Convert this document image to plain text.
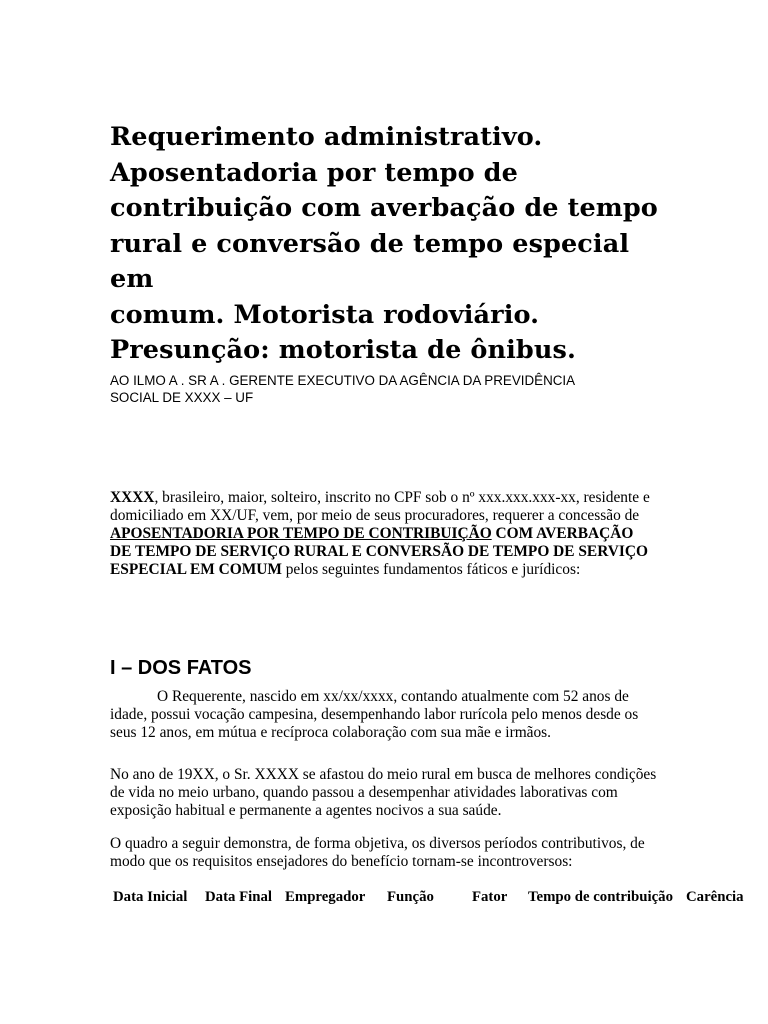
Requerimento administrativo.
Aposentadoria por tempo de
contribuição com averbação de tempo
rural e conversão de tempo especial em
comum. Motorista rodoviário.
Presunção: motorista de ônibus.
AO ILMO A . SR A . GERENTE EXECUTIVO DA AGÊNCIA DA PREVIDÊNCIA
SOCIAL DE XXXX – UF

XXXX, brasileiro, maior, solteiro, inscrito no CPF sob o nº xxx.xxx.xxx-xx, residente e domiciliado em XX/UF, vem, por meio de seus procuradores, requerer a concessão de APOSENTADORIA POR TEMPO DE CONTRIBUIÇÃO COM AVERBAÇÃO DE TEMPO DE SERVIÇO RURAL E CONVERSÃO DE TEMPO DE SERVIÇO ESPECIAL EM COMUM pelos seguintes fundamentos fáticos e jurídicos:

I – DOS FATOS

O Requerente, nascido em xx/xx/xxxx, contando atualmente com 52 anos de idade, possui vocação campesina, desempenhando labor rurícola pelo menos desde os seus 12 anos, em mútua e recíproca colaboração com sua mãe e irmãos.

No ano de 19XX, o Sr. XXXX se afastou do meio rural em busca de melhores condições de vida no meio urbano, quando passou a desempenhar atividades laborativas com exposição habitual e permanente a agentes nocivos a sua saúde.

O quadro a seguir demonstra, de forma objetiva, os diversos períodos contributivos, de modo que os requisitos ensejadores do benefício tornam-se incontroversos:

Data Inicial Data Final Empregador Função	Fator Tempo de contribuição Carência
